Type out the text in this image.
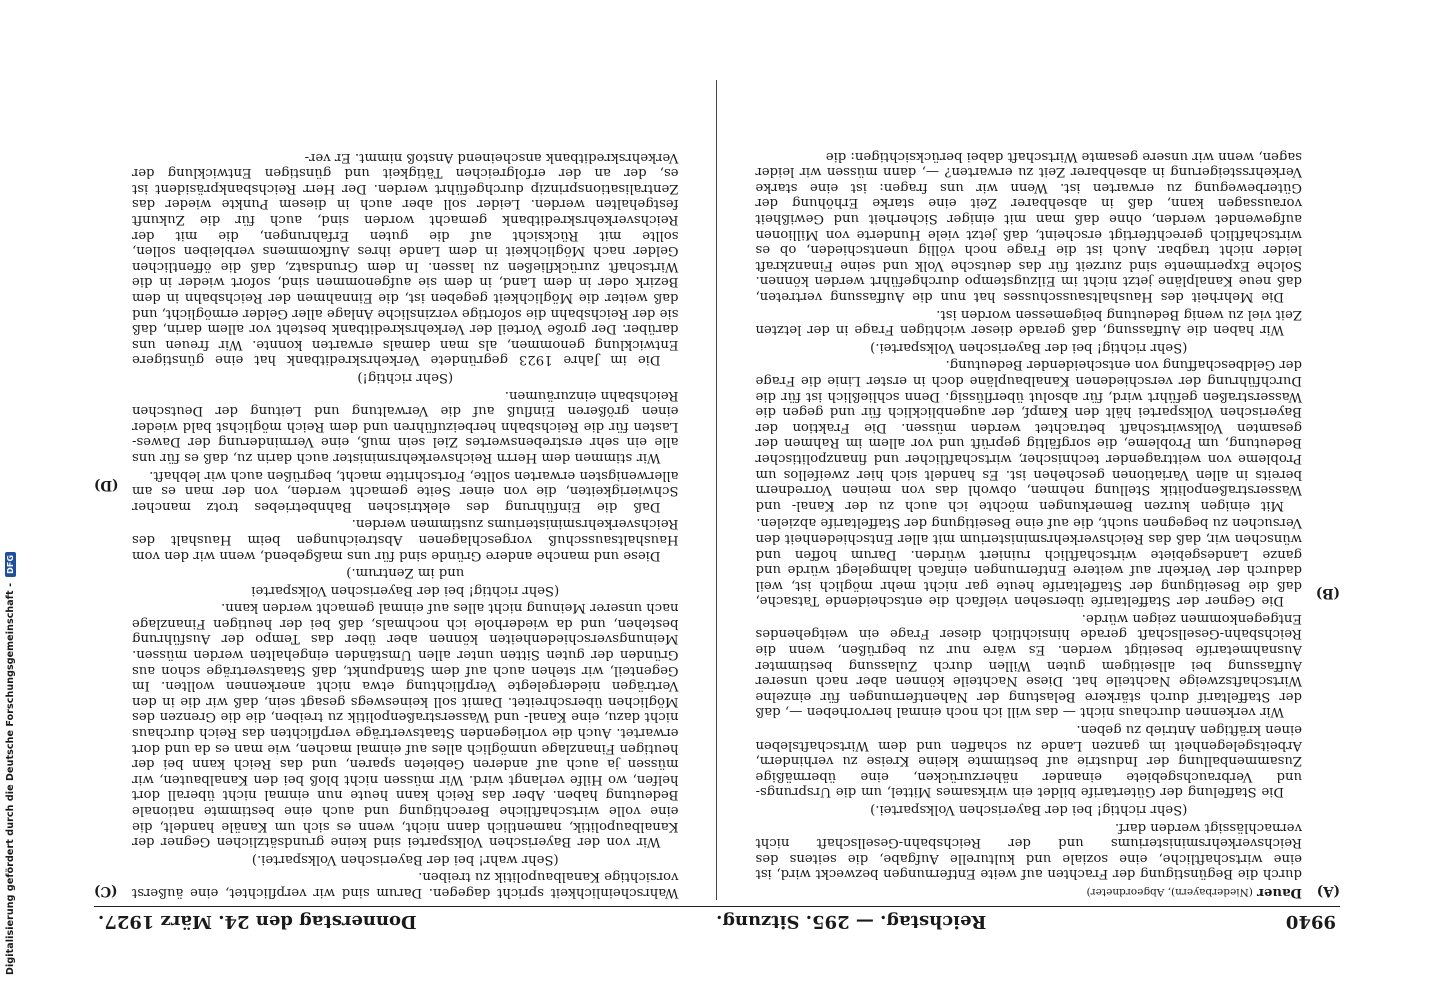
Digitalisierung gefördert durch die Deutsche Forschungsgemeinschaft -
DFG
9940
Reichstag. — 295. Sitzung.
Donnerstag den 24. März 1927.
(A)
(B)

Dauer (Niederbayern), Abgeordneter)

durch die Begünstigung der Frachten auf weite Entfernungen bezweckt wird, ist eine wirtschaftliche, eine soziale und kulturelle Aufgabe, die seitens des Reichsverkehrsministeriums und der Reichsbahn-Gesellschaft nicht vernachlässigt werden darf.

(Sehr richtig! bei der Bayerischen Volkspartei.)

Die Staffelung der Gütertarife bildet ein wirksames Mittel, um die Ursprungs- und Verbrauchsgebiete einander näherzurücken, eine übermäßige Zusammenballung der Industrie auf bestimmte kleine Kreise zu verhindern, Arbeitsgelegenheit im ganzen Lande zu schaffen und dem Wirtschaftsleben einen kräftigen Antrieb zu geben.

Wir verkennen durchaus nicht — das will ich noch einmal hervorheben —, daß der Staffeltarif durch stärkere Belastung der Nahentfernungen für einzelne Wirtschaftszweige Nachteile hat. Diese Nachteile können aber nach unserer Auffassung bei allseitigem guten Willen durch Zulassung bestimmter Ausnahmetarife beseitigt werden. Es wäre nur zu begrüßen, wenn die Reichsbahn-Gesellschaft gerade hinsichtlich dieser Frage ein weitgehendes Entgegenkommen zeigen würde.

Die Gegner der Staffeltarife übersehen vielfach die entscheidende Tatsache, daß die Beseitigung der Staffeltarife heute gar nicht mehr möglich ist, weil dadurch der Verkehr auf weitere Entfernungen einfach lahmgelegt würde und ganze Landesgebiete wirtschaftlich ruiniert würden. Darum hoffen und wünschen wir, daß das Reichsverkehrsministerium mit aller Entschiedenheit den Versuchen zu begegnen sucht, die auf eine Beseitigung der Staffeltarife abzielen.

Mit einigen kurzen Bemerkungen möchte ich auch zu der Kanal- und Wasserstraßenpolitik Stellung nehmen, obwohl das von meinen Vorrednern bereits in allen Variationen geschehen ist. Es handelt sich hier zweifellos um Probleme von weittragender technischer, wirtschaftlicher und finanzpolitischer Bedeutung, um Probleme, die sorgfältig geprüft und vor allem im Rahmen der gesamten Volkswirtschaft betrachtet werden müssen. Die Fraktion der Bayerischen Volkspartei hält den Kampf, der augenblicklich für und gegen die Wasserstraßen geführt wird, für absolut überflüssig. Denn schließlich ist für die Durchführung der verschiedenen Kanalbaupläne doch in erster Linie die Frage der Geldbeschaffung von entscheidender Bedeutung.

(Sehr richtig! bei der Bayerischen Volkspartei.)

Wir haben die Auffassung, daß gerade dieser wichtigen Frage in der letzten Zeit viel zu wenig Bedeutung beigemessen worden ist.

Die Mehrheit des Haushaltsausschusses hat nun die Auffassung vertreten, daß neue Kanalpläne jetzt nicht im Eilzugstempo durchgeführt werden können. Solche Experimente sind zurzeit für das deutsche Volk und seine Finanzkraft leider nicht tragbar. Auch ist die Frage noch völlig unentschieden, ob es wirtschaftlich gerechtfertigt erscheint, daß jetzt viele Hunderte von Millionen aufgewendet werden, ohne daß man mit einiger Sicherheit und Gewißheit voraussagen kann, daß in absehbarer Zeit eine starke Erhöhung der Güterbewegung zu erwarten ist. Wenn wir uns fragen: ist eine starke Verkehrssteigerung in absehbarer Zeit zu erwarten? —, dann müssen wir leider sagen, wenn wir unsere gesamte Wirtschaft dabei berücksichtigen: die

(C)
(D)

Wahrscheinlichkeit spricht dagegen. Darum sind wir verpflichtet, eine äußerst vorsichtige Kanalbaupolitik zu treiben.

(Sehr wahr! bei der Bayerischen Volkspartei.)

Wir von der Bayerischen Volkspartei sind keine grundsätzlichen Gegner der Kanalbaupolitik, namentlich dann nicht, wenn es sich um Kanäle handelt, die eine volle wirtschaftliche Berechtigung und auch eine bestimmte nationale Bedeutung haben. Aber das Reich kann heute nun einmal nicht überall dort helfen, wo Hilfe verlangt wird. Wir müssen nicht bloß bei den Kanalbauten, wir müssen ja auch auf anderen Gebieten sparen, und das Reich kann bei der heutigen Finanzlage unmöglich alles auf einmal machen, wie man es da und dort erwartet. Auch die vorliegenden Staatsverträge verpflichten das Reich durchaus nicht dazu, eine Kanal- und Wasserstraßenpolitik zu treiben, die die Grenzen des Möglichen überschreitet. Damit soll keineswegs gesagt sein, daß wir die in den Verträgen niedergelegte Verpflichtung etwa nicht anerkennen wollten. Im Gegenteil, wir stehen auch auf dem Standpunkt, daß Staatsverträge schon aus Gründen der guten Sitten unter allen Umständen eingehalten werden müssen. Meinungsverschiedenheiten können aber über das Tempo der Ausführung bestehen, und da wiederhole ich nochmals, daß bei der heutigen Finanzlage nach unserer Meinung nicht alles auf einmal gemacht werden kann.

(Sehr richtig! bei der Bayerischen Volkspartei

und im Zentrum.)

Diese und manche andere Gründe sind für uns maßgebend, wenn wir den vom Haushaltsausschuß vorgeschlagenen Abstreichungen beim Haushalt des Reichsverkehrsministeriums zustimmen werden.

Daß die Einführung des elektrischen Bahnbetriebes trotz mancher Schwierigkeiten, die von einer Seite gemacht werden, von der man es am allerwenigsten erwarten sollte, Fortschritte macht, begrüßen auch wir lebhaft.

Wir stimmen dem Herrn Reichsverkehrsminister auch darin zu, daß es für uns alle ein sehr erstrebenswertes Ziel sein muß, eine Verminderung der Dawes-Lasten für die Reichsbahn herbeizuführen und dem Reich möglichst bald wieder einen größeren Einfluß auf die Verwaltung und Leitung der Deutschen Reichsbahn einzuräumen.

(Sehr richtig!)

Die im Jahre 1923 gegründete Verkehrskreditbank hat eine günstigere Entwicklung genommen, als man damals erwarten konnte. Wir freuen uns darüber. Der große Vorteil der Verkehrskreditbank besteht vor allem darin, daß sie der Reichsbahn die sofortige verzinsliche Anlage aller Gelder ermöglicht, und daß weiter die Möglichkeit gegeben ist, die Einnahmen der Reichsbahn in dem Bezirk oder in dem Land, in dem sie aufgenommen sind, sofort wieder in die Wirtschaft zurückfließen zu lassen. In dem Grundsatz, daß die öffentlichen Gelder nach Möglichkeit in dem Lande ihres Aufkommens verbleiben sollen, sollte mit Rücksicht auf die guten Erfahrungen, die mit der Reichsverkehrskreditbank gemacht worden sind, auch für die Zukunft festgehalten werden. Leider soll aber auch in diesem Punkte wieder das Zentralisationsprinzip durchgeführt werden. Der Herr Reichsbankpräsident ist es, der an der erfolgreichen Tätigkeit und günstigen Entwicklung der Verkehrskreditbank anscheinend Anstoß nimmt. Er ver-
